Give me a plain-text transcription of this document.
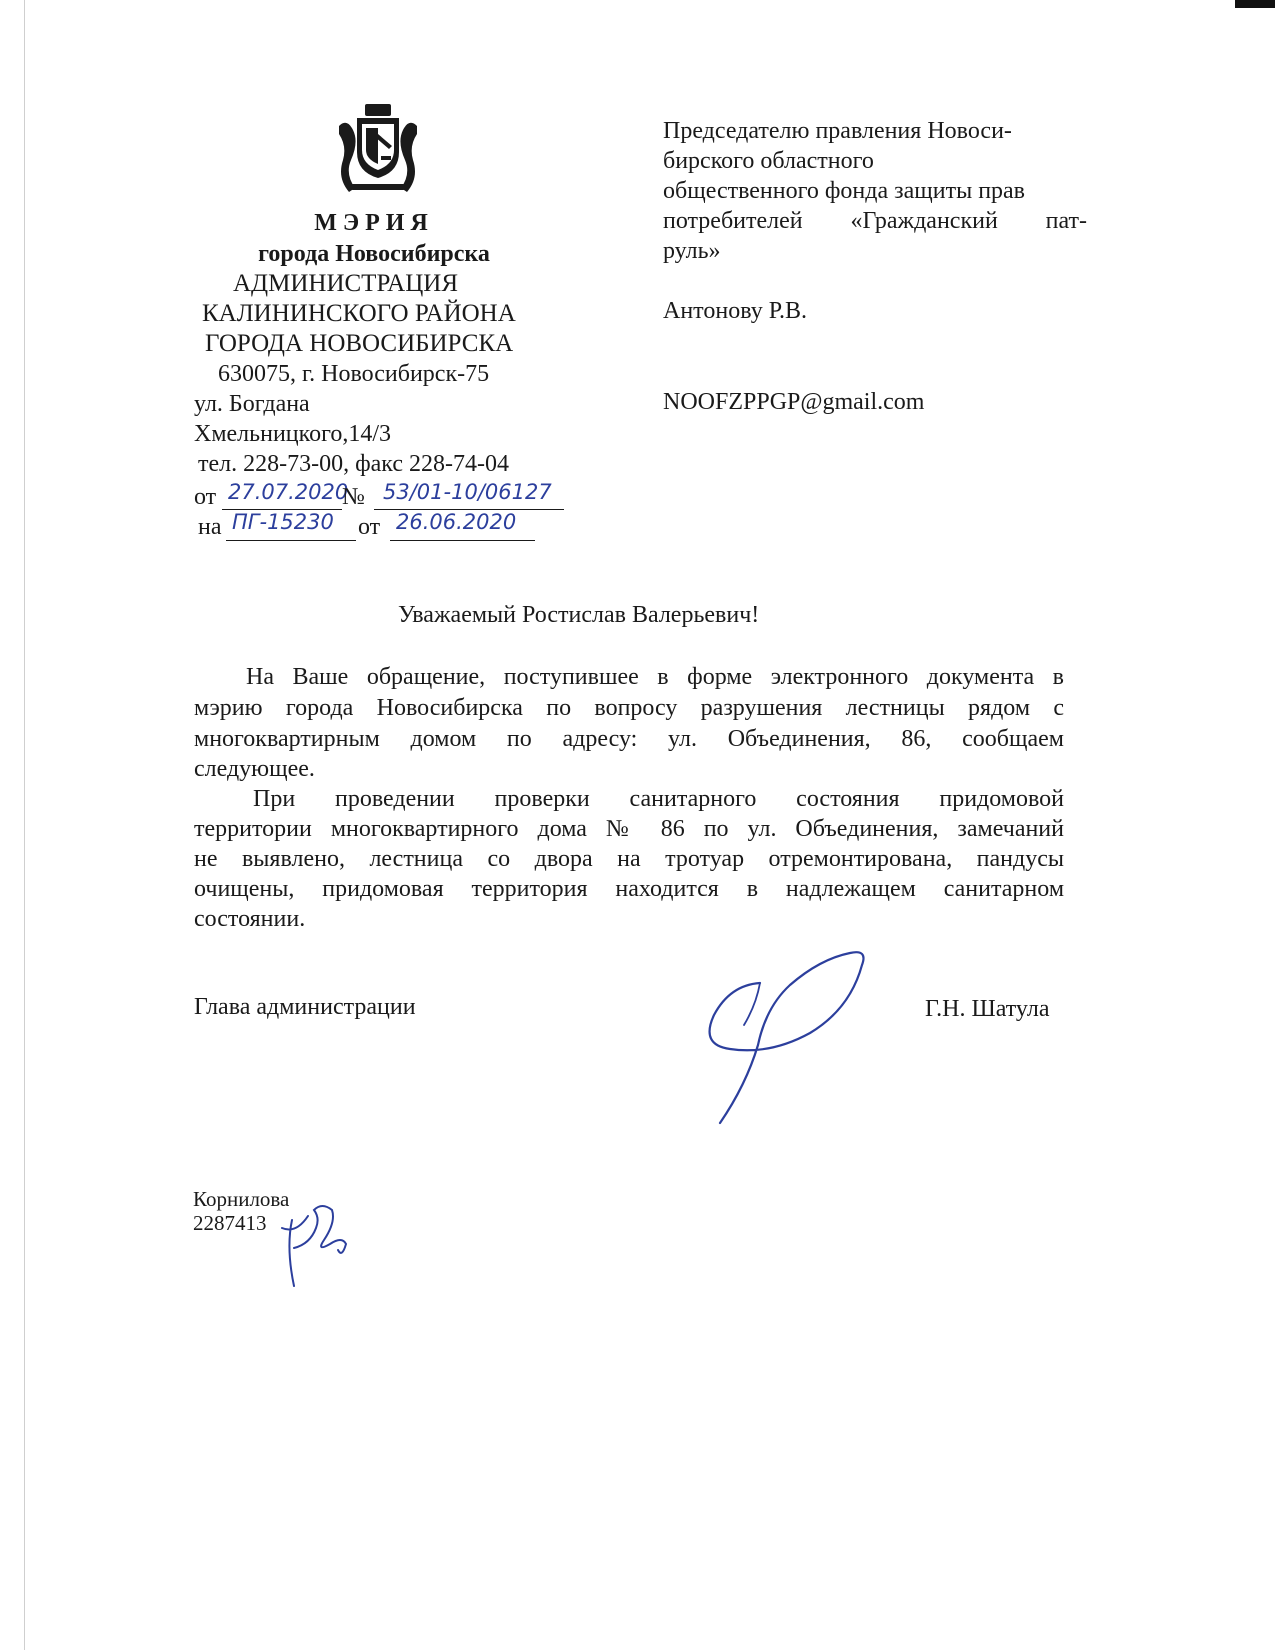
МЭРИЯ
города Новосибирска
АДМИНИСТРАЦИЯ
КАЛИНИНСКОГО РАЙОНА
ГОРОДА НОВОСИБИРСКА
630075, г. Новосибирск-75
ул. Богдана
Хмельницкого,14/3
тел. 228-73-00, факс 228-74-04
от 27.07.2020
№ 53/01-10/06127
на ПГ-15230 от 26.06.2020
Председателю правления Новоси-
бирского областного
общественного фонда защиты прав
потребителей «Гражданский пат-
руль»
Антонову Р.В.
NOOFZPPGP@gmail.com
Уважаемый Ростислав Валерьевич!
На Ваше обращение, поступившее в форме электронного документа в
мэрию города Новосибирска по вопросу разрушения лестницы рядом с
многоквартирным домом по адресу: ул. Объединения, 86, сообщаем
следующее.
При проведении проверки санитарного состояния придомовой
территории многоквартирного дома № 86 по ул. Объединения, замечаний
не выявлено, лестница со двора на тротуар отремонтирована, пандусы
очищены, придомовая территория находится в надлежащем санитарном
состоянии.
Глава администрации	Г.Н. Шатула
Корнилова
2287413
